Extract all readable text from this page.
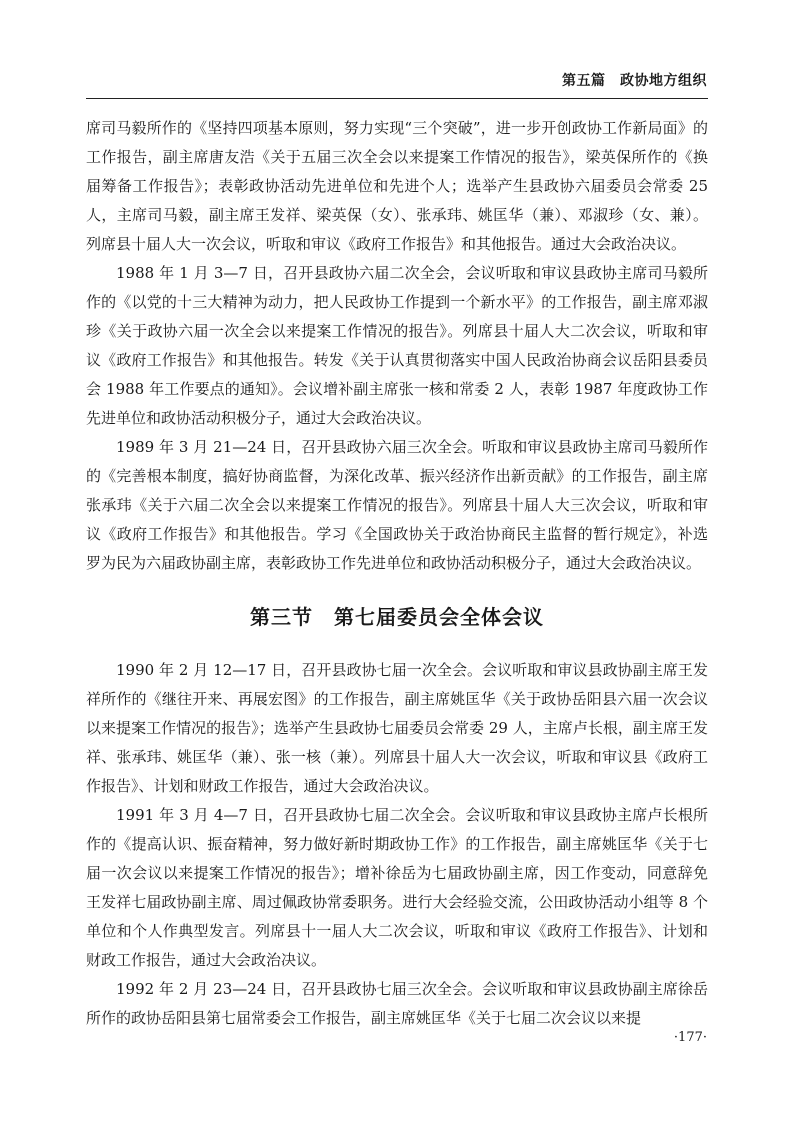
第五篇　政协地方组织

席司马毅所作的《坚持四项基本原则，努力实现“三个突破”，进一步开创政协工作新局面》的工作报告，副主席唐友浩《关于五届三次全会以来提案工作情况的报告》，梁英保所作的《换届筹备工作报告》；表彰政协活动先进单位和先进个人；选举产生县政协六届委员会常委 25 人，主席司马毅，副主席王发祥、梁英保（女）、张承玮、姚匡华（兼）、邓淑珍（女、兼）。列席县十届人大一次会议，听取和审议《政府工作报告》和其他报告。通过大会政治决议。

1988 年 1 月 3—7 日，召开县政协六届二次全会，会议听取和审议县政协主席司马毅所作的《以党的十三大精神为动力，把人民政协工作提到一个新水平》的工作报告，副主席邓淑珍《关于政协六届一次全会以来提案工作情况的报告》。列席县十届人大二次会议，听取和审议《政府工作报告》和其他报告。转发《关于认真贯彻落实中国人民政治协商会议岳阳县委员会 1988 年工作要点的通知》。会议增补副主席张一核和常委 2 人，表彰 1987 年度政协工作先进单位和政协活动积极分子，通过大会政治决议。

1989 年 3 月 21—24 日，召开县政协六届三次全会。听取和审议县政协主席司马毅所作的《完善根本制度，搞好协商监督，为深化改革、振兴经济作出新贡献》的工作报告，副主席张承玮《关于六届二次全会以来提案工作情况的报告》。列席县十届人大三次会议，听取和审议《政府工作报告》和其他报告。学习《全国政协关于政治协商民主监督的暂行规定》，补选罗为民为六届政协副主席，表彰政协工作先进单位和政协活动积极分子，通过大会政治决议。

第三节　第七届委员会全体会议

1990 年 2 月 12—17 日，召开县政协七届一次全会。会议听取和审议县政协副主席王发祥所作的《继往开来、再展宏图》的工作报告，副主席姚匡华《关于政协岳阳县六届一次会议以来提案工作情况的报告》；选举产生县政协七届委员会常委 29 人，主席卢长根，副主席王发祥、张承玮、姚匡华（兼）、张一核（兼）。列席县十届人大一次会议，听取和审议县《政府工作报告》、计划和财政工作报告，通过大会政治决议。

1991 年 3 月 4—7 日，召开县政协七届二次全会。会议听取和审议县政协主席卢长根所作的《提高认识、振奋精神，努力做好新时期政协工作》的工作报告，副主席姚匡华《关于七届一次会议以来提案工作情况的报告》；增补徐岳为七届政协副主席，因工作变动，同意辞免王发祥七届政协副主席、周过佩政协常委职务。进行大会经验交流，公田政协活动小组等 8 个单位和个人作典型发言。列席县十一届人大二次会议，听取和审议《政府工作报告》、计划和财政工作报告，通过大会政治决议。

1992 年 2 月 23—24 日，召开县政协七届三次全会。会议听取和审议县政协副主席徐岳所作的政协岳阳县第七届常委会工作报告，副主席姚匡华《关于七届二次会议以来提

·177·
